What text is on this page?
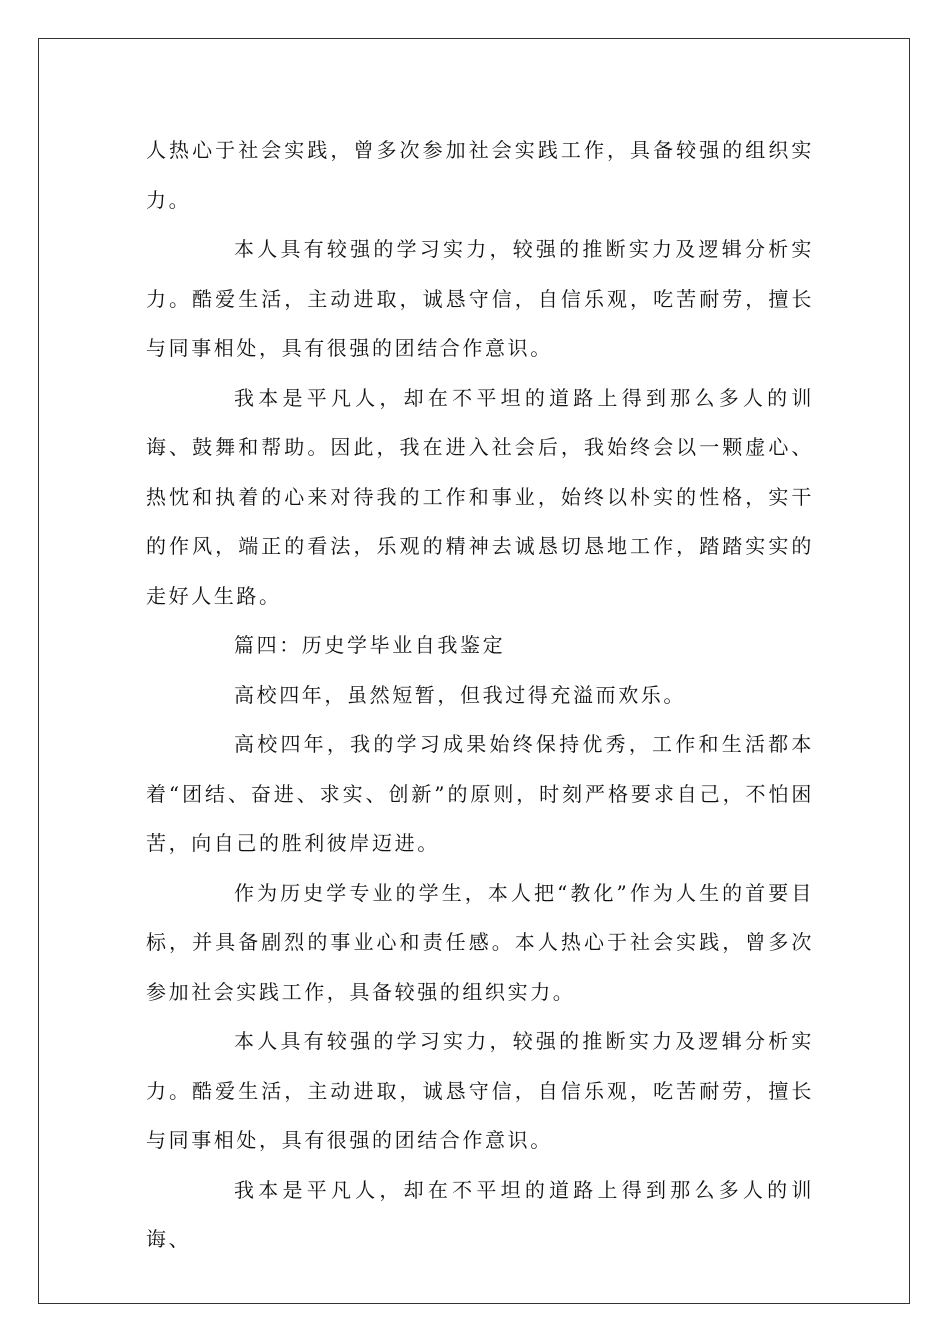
人热心于社会实践，曾多次参加社会实践工作，具备较强的组织实力。

本人具有较强的学习实力，较强的推断实力及逻辑分析实力。酷爱生活，主动进取，诚恳守信，自信乐观，吃苦耐劳，擅长与同事相处，具有很强的团结合作意识。

我本是平凡人，却在不平坦的道路上得到那么多人的训诲、鼓舞和帮助。因此，我在进入社会后，我始终会以一颗虚心、热忱和执着的心来对待我的工作和事业，始终以朴实的性格，实干的作风，端正的看法，乐观的精神去诚恳切恳地工作，踏踏实实的走好人生路。

篇四：历史学毕业自我鉴定

高校四年，虽然短暂，但我过得充溢而欢乐。

高校四年，我的学习成果始终保持优秀，工作和生活都本着“团结、奋进、求实、创新”的原则，时刻严格要求自己，不怕困苦，向自己的胜利彼岸迈进。

作为历史学专业的学生，本人把“教化”作为人生的首要目标，并具备剧烈的事业心和责任感。本人热心于社会实践，曾多次参加社会实践工作，具备较强的组织实力。

本人具有较强的学习实力，较强的推断实力及逻辑分析实力。酷爱生活，主动进取，诚恳守信，自信乐观，吃苦耐劳，擅长与同事相处，具有很强的团结合作意识。

我本是平凡人，却在不平坦的道路上得到那么多人的训诲、
